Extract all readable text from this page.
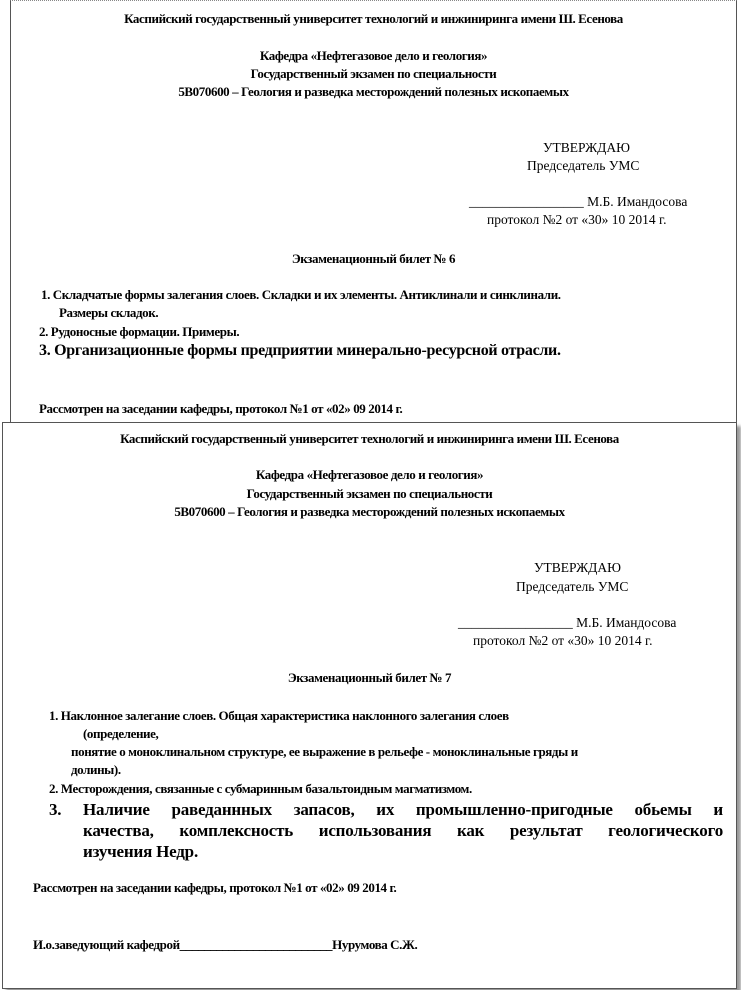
Каспийский государственный университет технологий и инжиниринга имени Ш. Есенова
Кафедра «Нефтегазовое дело и геология»
Государственный экзамен по специальности
5В070600 – Геология и разведка месторождений полезных ископаемых
УТВЕРЖДАЮ
Председатель УМС
_________________ М.Б. Имандосова
протокол №2 от «30» 10 2014 г.
Экзаменационный билет № 6
1. Складчатые формы залегания слоев. Складки и их элементы. Антиклинали и синклинали.
Размеры складок.
2. Рудоносные формации. Примеры.
3. Организационные формы предприятии минерально-ресурсной отрасли.
Рассмотрен на заседании кафедры, протокол №1 от «02» 09 2014 г.
Каспийский государственный университет технологий и инжиниринга имени Ш. Есенова
Кафедра «Нефтегазовое дело и геология»
Государственный экзамен по специальности
5В070600 – Геология и разведка месторождений полезных ископаемых
УТВЕРЖДАЮ
Председатель УМС
_________________ М.Б. Имандосова
протокол №2 от «30» 10 2014 г.
Экзаменационный билет № 7
1. Наклонное залегание слоев. Общая характеристика наклонного залегания слоев
(определение,
понятие о моноклинальном структуре, ее выражение в рельефе - моноклинальные гряды и
долины).
2. Месторождения, связанные с субмаринным базальтоидным магматизмом.
3. Наличие раведаннных запасов, их промышленно-пригодные обьемы и
качества, комплексность использования как результат геологического
изучения Недр.
Рассмотрен на заседании кафедры, протокол №1 от «02» 09 2014 г.
И.о.заведующий кафедрой_________________________Нурумова С.Ж.
